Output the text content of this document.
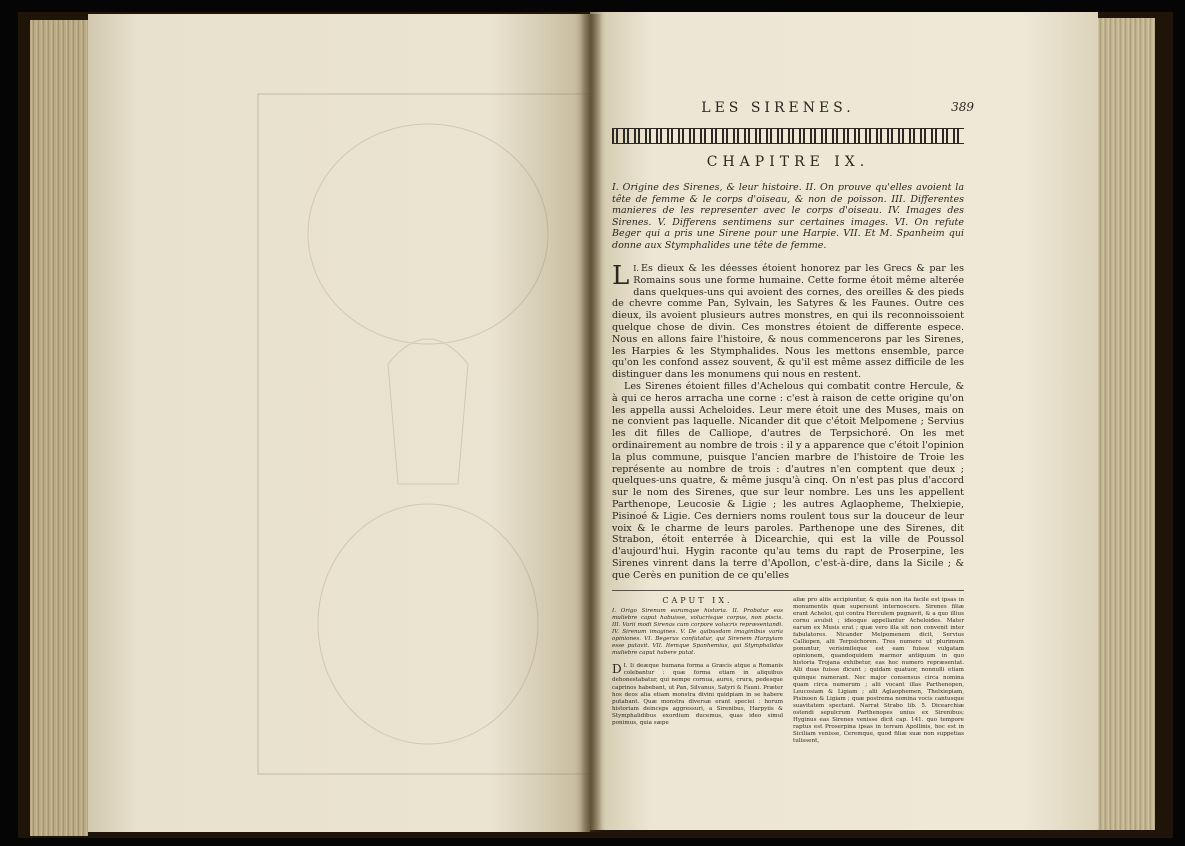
LES SIRENES.	389
CHAPITRE IX.

I. Origine des Sirenes, & leur histoire. II. On prouve qu'elles avoient la tête de femme & le corps d'oiseau, & non de poisson. III. Differentes manieres de les representer avec le corps d'oiseau. IV. Images des Sirenes. V. Differens sentimens sur certaines images. VI. On refute Beger qui a pris une Sirene pour une Harpie. VII. Et M. Spanheim qui donne aux Stymphalides une tête de femme.

I.
L Es dieux & les déesses étoient honorez par les Grecs & par les Romains sous une forme humaine. Cette forme étoit même alterée dans quelques-uns qui avoient des cornes, des oreilles & des pieds de chevre comme Pan, Sylvain, les Satyres & les Faunes. Outre ces dieux, ils avoient plusieurs autres monstres, en qui ils reconnoissoient quelque chose de divin. Ces monstres étoient de differente espece. Nous en allons faire l'histoire, & nous commencerons par les Sirenes, les Harpies & les Stymphalides. Nous les mettons ensemble, parce qu'on les confond assez souvent, & qu'il est même assez difficile de les distinguer dans les monumens qui nous en restent.

Les Sirenes étoient filles d'Achelous qui combatit contre Hercule, & à qui ce heros arracha une corne : c'est à raison de cette origine qu'on les appella aussi Acheloides. Leur mere étoit une des Muses, mais on ne convient pas laquelle. Nicander dit que c'étoit Melpomene ; Servius les dit filles de Calliope, d'autres de Terpsichoré. On les met ordinairement au nombre de trois : il y a apparence que c'étoit l'opinion la plus commune, puisque l'ancien marbre de l'histoire de Troie les représente au nombre de trois : d'autres n'en comptent que deux ; quelques-uns quatre, & même jusqu'à cinq. On n'est pas plus d'accord sur le nom des Sirenes, que sur leur nombre. Les uns les appellent Parthenope, Leucosie & Ligie ; les autres Aglaopheme, Thelxiepie, Pisinoé & Ligie. Ces derniers noms roulent tous sur la douceur de leur voix & le charme de leurs paroles. Parthenope une des Sirenes, dit Strabon, étoit enterrée à Dicearchie, qui est la ville de Poussol d'aujourd'hui. Hygin raconte qu'au tems du rapt de Proserpine, les Sirenes vinrent dans la terre d'Apollon, c'est-à-dire, dans la Sicile ; & que Cerès en punition de ce qu'elles

CAPUT IX.

I. Origo Sirenum earumque historia. II. Probatur eas muliebre caput habuisse, volucrisque corpus, non piscis. III. Varii modi Sirenas cum corpore volucris repræsentandi. IV. Sirenum imagines. V. De quibusdam imaginibus varia opiniones. VI. Begerus confutatur, qui Sirenem Harpyiam esse putavit. VII. Itemque Spanhemius, qui Stymphalidas muliebre caput habere putat.

I.
D Ii deæque humana forma a Græcis atque a Romanis colebantur : quæ forma etiam in aliquibus dehonestabatur, qui nempe cornua, aures, crura, pedesque caprinos habebant, ut Pan, Silvanus, Satyri & Fauni. Præter hos deos alia etiam monstra divini quidpiam in se habere putabant. Quæ monstra diversæ erant speciei : horum historiam deinceps aggressuri, a Sirenibus, Harpyiis & Stymphalidibus exordium ducemus, quas ideo simul ponimus, quia sæpe

aliæ pro aliis accipiuntur, & quia non ita facile est ipsas in monumentis quæ supersunt internoscere. Sirenes filiæ erant Acheloi, qui contra Herculem pugnavit, & a quo illius cornu avulsit ; ideoque appellantur Acheloides. Mater earum ex Musis erat ; quæ vero illa sit non convenit inter fabulatores. Nicander Melpomenem dicit, Servius Calliopen, alii Terpsichoren. Tres numero ut plurimum ponuntur, verisimileque est eam fuisse vulgatam opinionem, quandoquidem marmor antiquum in quo historia Trojana exhibetur, eas hoc numero repræsentat. Alii duas fuisse dicunt ; quidam quatuor, nonnulli etiam quinque numerant. Nec major consensus circa nomina quam circa numerum ; alii vocant illas Parthenopen, Leucosiam & Ligiam ; alii Aglaophemen, Thelxiepiam, Pisinoen & Ligiam ; quæ postrema nomina vocis cantusque suavitatem spectant. Narrat Strabo lib. 5. Dicearchiæ ostendi sepulcrum Parthenopes unius ex Sirenibus; Hyginus eas Sirenes venisse dicit cap. 141. quo tempore raptus est Proserpina ipsas in terram Apollinis, hoc est in Siciliam venisse, Ceremque, quod filiæ suæ non suppetias tulissent,
